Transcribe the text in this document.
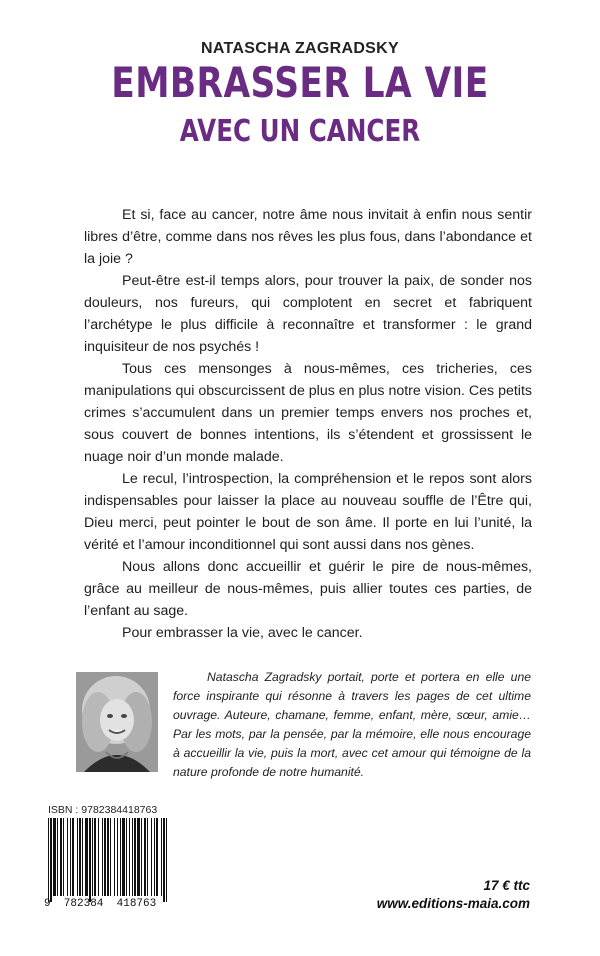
NATASCHA ZAGRADSKY
EMBRASSER LA VIE
AVEC UN CANCER

Et si, face au cancer, notre âme nous invitait à enfin nous sentir libres d’être, comme dans nos rêves les plus fous, dans l’abondance et la joie ?

Peut-être est-il temps alors, pour trouver la paix, de sonder nos douleurs, nos fureurs, qui complotent en secret et fabriquent l’archétype le plus difficile à reconnaître et transformer : le grand inquisiteur de nos psychés !

Tous ces mensonges à nous-mêmes, ces tricheries, ces manipulations qui obscurcissent de plus en plus notre vision. Ces petits crimes s’accumulent dans un premier temps envers nos proches et, sous couvert de bonnes intentions, ils s’étendent et grossissent le nuage noir d’un monde malade.

Le recul, l’introspection, la compréhension et le repos sont alors indispensables pour laisser la place au nouveau souffle de l’Être qui, Dieu merci, peut pointer le bout de son âme. Il porte en lui l’unité, la vérité et l’amour inconditionnel qui sont aussi dans nos gènes.

Nous allons donc accueillir et guérir le pire de nous-mêmes, grâce au meilleur de nous-mêmes, puis allier toutes ces parties, de l’enfant au sage.

Pour embrasser la vie, avec le cancer.

Natascha Zagradsky portait, porte et portera en elle une force inspirante qui résonne à travers les pages de cet ultime ouvrage. Auteure, chamane, femme, enfant, mère, sœur, amie… Par les mots, par la pensée, par la mémoire, elle nous encourage à accueillir la vie, puis la mort, avec cet amour qui témoigne de la nature profonde de notre humanité.

ISBN : 9782384418763
9  782384  418763
17 € ttc
www.editions-maia.com
